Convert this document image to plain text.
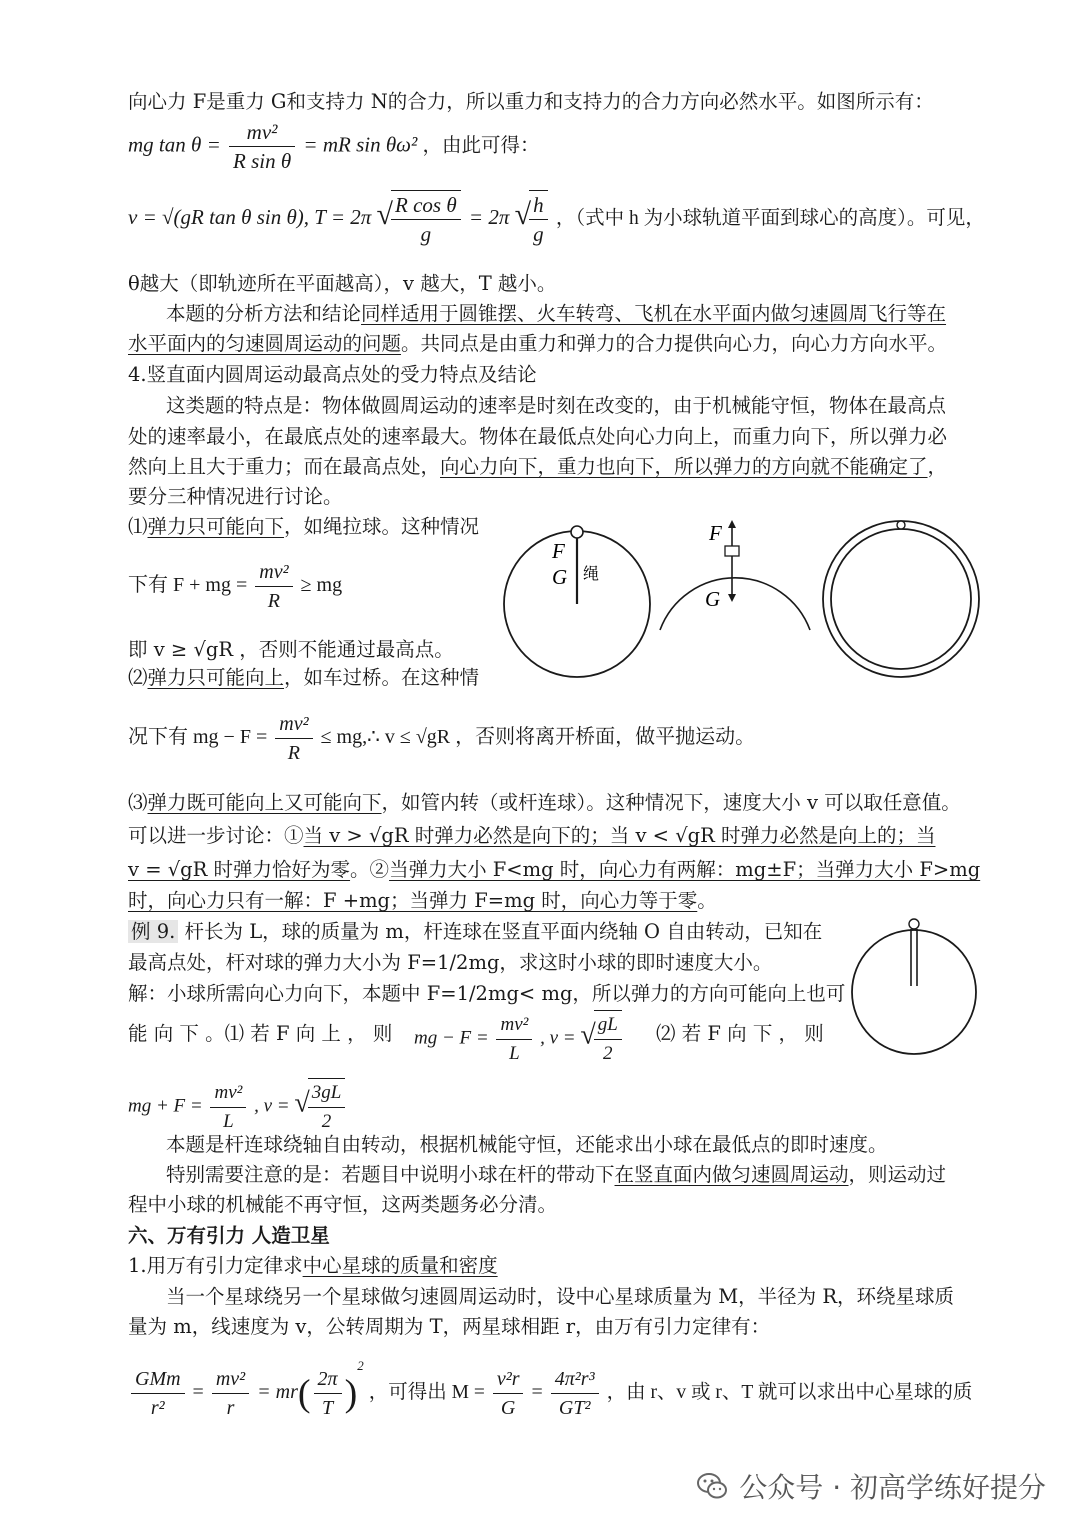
向心力 F是重力 G和支持力 N的合力，所以重力和支持力的合力方向必然水平。如图所示有：
mg $\tan \theta = \frac{\text{mv²}}{\text{R sin θ}}$ = mR sin θω² ，由此可得：
v = √(gR tan θ sin θ), T = 2π √
$\frac{\text{R cos θ}}{g} = 2\pi$ √
$\frac{h}{g}$ ，（式中 h 为小球轨道平面到球心的高度）。可见，
θ越大（即轨迹所在平面越高），v 越大，T 越小。
本题的分析方法和结论同样适用于圆锥摆、火车转弯、飞机在水平面内做匀速圆周飞行等在
水平面内的匀速圆周运动的问题。共同点是由重力和弹力的合力提供向心力，向心力方向水平。
4.竖直面内圆周运动最高点处的受力特点及结论
这类题的特点是：物体做圆周运动的速率是时刻在改变的，由于机械能守恒，物体在最高点
处的速率最小，在最底点处的速率最大。物体在最低点处向心力向上，而重力向下，所以弹力必
然向上且大于重力；而在最高点处，向心力向下，重力也向下，所以弹力的方向就不能确定了，
要分三种情况进行讨论。
⑴弹力只可能向下，如绳拉球。这种情况
下有 F + mg = $\frac{\text{mv²}}{R}$ ≥ mg
即 v ≥ √gR ，否则不能通过最高点。
⑵弹力只可能向上，如车过桥。在这种情
况下有 mg − $F = \frac{\text{mv²}}{R}$ ≤ mg,∴ v ≤ √gR ，否则将离开桥面，做平抛运动。
⑶弹力既可能向上又可能向下，如管内转（或杆连球）。这种情况下，速度大小 v 可以取任意值。
可以进一步讨论：①当 v > √gR 时弹力必然是向下的；当 v < √gR 时弹力必然是向上的；当
v = √gR 时弹力恰好为零。②当弹力大小 F<mg 时，向心力有两解：mg±F；当弹力大小 F>mg
时，向心力只有一解：F +mg；当弹力 F=mg 时，向心力等于零。
例 9. 杆长为 L，球的质量为 m，杆连球在竖直平面内绕轴 O 自由转动，已知在
最高点处，杆对球的弹力大小为 F=1/2mg，求这时小球的即时速度大小。
解：小球所需向心力向下，本题中 F=1/2mg< mg，所以弹力的方向可能向上也可
能 向 下 。⑴ 若 F 向 上 ， 则	mg − $F = \frac{\text{mv²}}{L}$ , v = √
$\frac{gL}{2}$ ⑵ 若 F 向 下 ， 则
mg + $F = \frac{\text{mv²}}{L}$ , v = √
$\frac{3gL}{2}$
本题是杆连球绕轴自由转动，根据机械能守恒，还能求出小球在最低点的即时速度。
特别需要注意的是：若题目中说明小球在杆的带动下在竖直面内做匀速圆周运动，则运动过
程中小球的机械能不再守恒，这两类题务必分清。
六、万有引力 人造卫星
1.用万有引力定律求中心星球的质量和密度
当一个星球绕另一个星球做匀速圆周运动时，设中心星球质量为 M，半径为 R，环绕星球质
量为 m，线速度为 v，公转周期为 T，两星球相距 r，由万有引力定律有：
$\frac{\text{GMm}}{\text{r²}} = \frac{\text{mv²}}{r} = mr( \frac{2\pi}{T} )^2$ ，可得出 $M = \frac{\text{v²r}}{G} = \frac{\text{4π²r³}}{\text{GT²}}$ ，由 r、v 或 r、T 就可以求出中心星球的质
F
G 绳
F
G
公众号 · 初高学练好提分
